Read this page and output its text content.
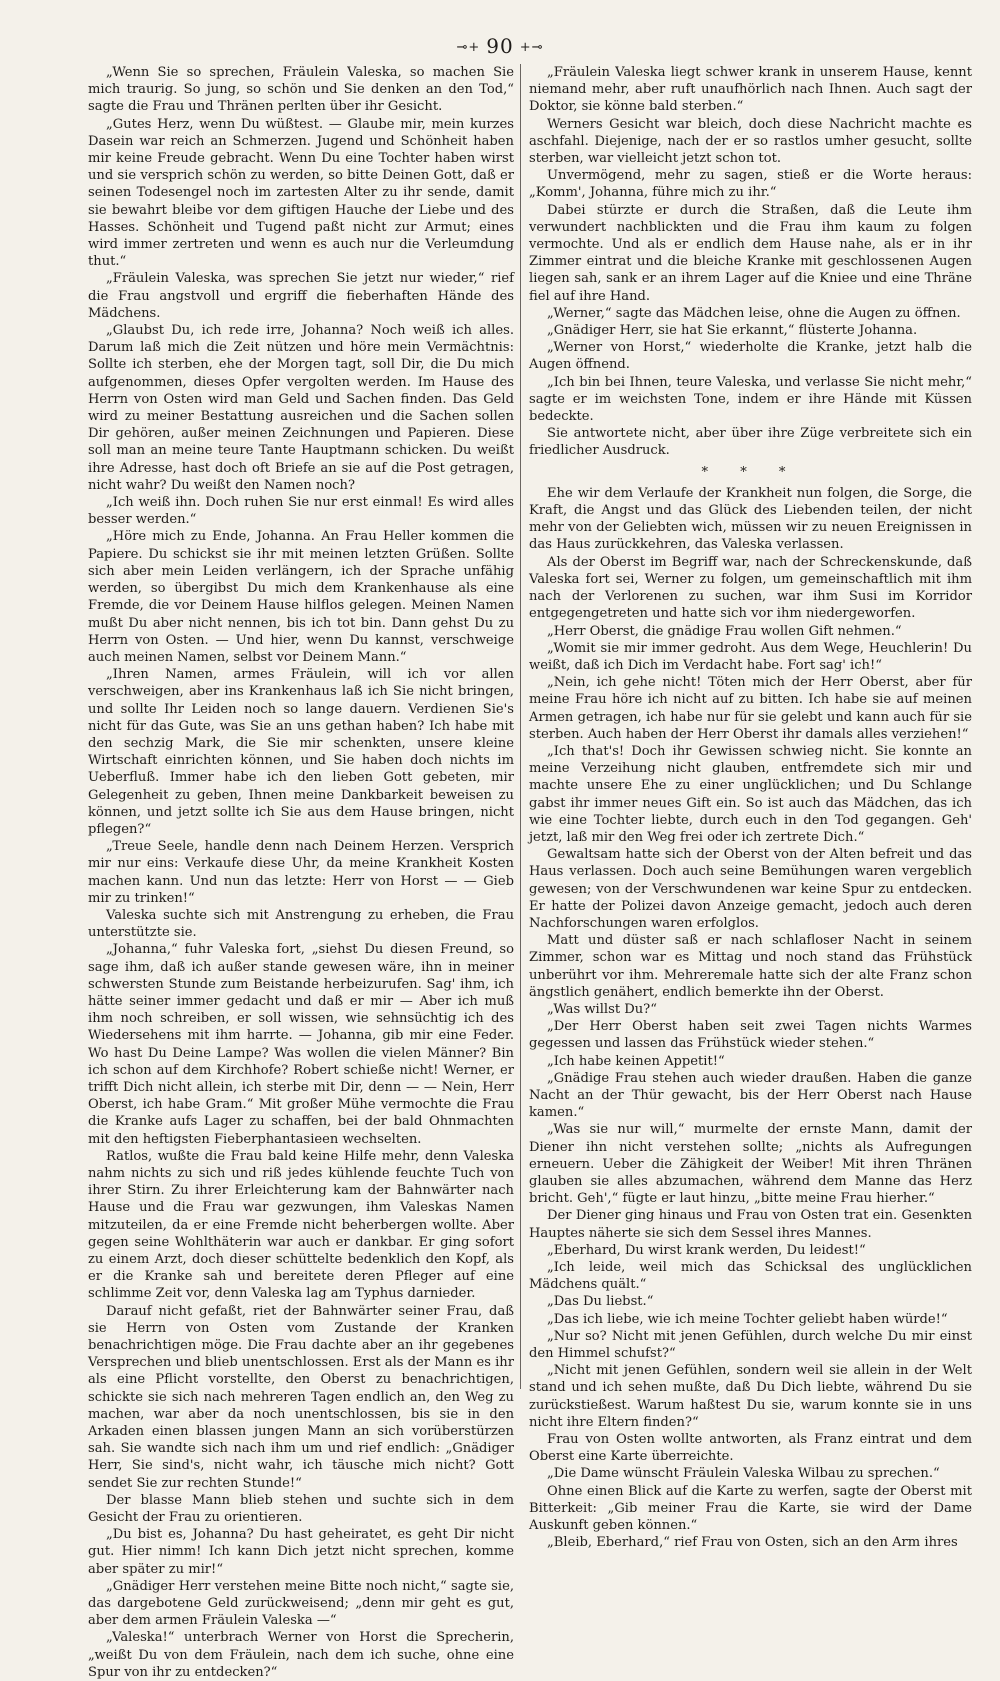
⊸+ 90 +⊸

„Wenn Sie so sprechen, Fräulein Valeska, so machen Sie mich traurig. So jung, so schön und Sie denken an den Tod,“ sagte die Frau und Thränen perlten über ihr Gesicht.

„Gutes Herz, wenn Du wüßtest. — Glaube mir, mein kurzes Dasein war reich an Schmerzen. Jugend und Schönheit haben mir keine Freude gebracht. Wenn Du eine Tochter haben wirst und sie versprich schön zu werden, so bitte Deinen Gott, daß er seinen Todesengel noch im zartesten Alter zu ihr sende, damit sie bewahrt bleibe vor dem giftigen Hauche der Liebe und des Hasses. Schönheit und Tugend paßt nicht zur Armut; eines wird immer zertreten und wenn es auch nur die Verleumdung thut.“

„Fräulein Valeska, was sprechen Sie jetzt nur wieder,“ rief die Frau angstvoll und ergriff die fieberhaften Hände des Mädchens.

„Glaubst Du, ich rede irre, Johanna? Noch weiß ich alles. Darum laß mich die Zeit nützen und höre mein Vermächtnis: Sollte ich sterben, ehe der Morgen tagt, soll Dir, die Du mich aufgenommen, dieses Opfer vergolten werden. Im Hause des Herrn von Osten wird man Geld und Sachen finden. Das Geld wird zu meiner Bestattung ausreichen und die Sachen sollen Dir gehören, außer meinen Zeichnungen und Papieren. Diese soll man an meine teure Tante Hauptmann schicken. Du weißt ihre Adresse, hast doch oft Briefe an sie auf die Post getragen, nicht wahr? Du weißt den Namen noch?

„Ich weiß ihn. Doch ruhen Sie nur erst einmal! Es wird alles besser werden.“

„Höre mich zu Ende, Johanna. An Frau Heller kommen die Papiere. Du schickst sie ihr mit meinen letzten Grüßen. Sollte sich aber mein Leiden verlängern, ich der Sprache unfähig werden, so übergibst Du mich dem Krankenhause als eine Fremde, die vor Deinem Hause hilflos gelegen. Meinen Namen mußt Du aber nicht nennen, bis ich tot bin. Dann gehst Du zu Herrn von Osten. — Und hier, wenn Du kannst, verschweige auch meinen Namen, selbst vor Deinem Mann.“

„Ihren Namen, armes Fräulein, will ich vor allen verschweigen, aber ins Krankenhaus laß ich Sie nicht bringen, und sollte Ihr Leiden noch so lange dauern. Verdienen Sie's nicht für das Gute, was Sie an uns gethan haben? Ich habe mit den sechzig Mark, die Sie mir schenkten, unsere kleine Wirtschaft einrichten können, und Sie haben doch nichts im Ueberfluß. Immer habe ich den lieben Gott gebeten, mir Gelegenheit zu geben, Ihnen meine Dankbarkeit beweisen zu können, und jetzt sollte ich Sie aus dem Hause bringen, nicht pflegen?“

„Treue Seele, handle denn nach Deinem Herzen. Versprich mir nur eins: Verkaufe diese Uhr, da meine Krankheit Kosten machen kann. Und nun das letzte: Herr von Horst — — Gieb mir zu trinken!“

Valeska suchte sich mit Anstrengung zu erheben, die Frau unterstützte sie.

„Johanna,“ fuhr Valeska fort, „siehst Du diesen Freund, so sage ihm, daß ich außer stande gewesen wäre, ihn in meiner schwersten Stunde zum Beistande herbeizurufen. Sag' ihm, ich hätte seiner immer gedacht und daß er mir — Aber ich muß ihm noch schreiben, er soll wissen, wie sehnsüchtig ich des Wiedersehens mit ihm harrte. — Johanna, gib mir eine Feder. Wo hast Du Deine Lampe? Was wollen die vielen Männer? Bin ich schon auf dem Kirchhofe? Robert schieße nicht! Werner, er trifft Dich nicht allein, ich sterbe mit Dir, denn — — Nein, Herr Oberst, ich habe Gram.“ Mit großer Mühe vermochte die Frau die Kranke aufs Lager zu schaffen, bei der bald Ohnmachten mit den heftigsten Fieberphantasieen wechselten.

Ratlos, wußte die Frau bald keine Hilfe mehr, denn Valeska nahm nichts zu sich und riß jedes kühlende feuchte Tuch von ihrer Stirn. Zu ihrer Erleichterung kam der Bahnwärter nach Hause und die Frau war gezwungen, ihm Valeskas Namen mitzuteilen, da er eine Fremde nicht beherbergen wollte. Aber gegen seine Wohlthäterin war auch er dankbar. Er ging sofort zu einem Arzt, doch dieser schüttelte bedenklich den Kopf, als er die Kranke sah und bereitete deren Pfleger auf eine schlimme Zeit vor, denn Valeska lag am Typhus darnieder.

Darauf nicht gefaßt, riet der Bahnwärter seiner Frau, daß sie Herrn von Osten vom Zustande der Kranken benachrichtigen möge. Die Frau dachte aber an ihr gegebenes Versprechen und blieb unentschlossen. Erst als der Mann es ihr als eine Pflicht vorstellte, den Oberst zu benachrichtigen, schickte sie sich nach mehreren Tagen endlich an, den Weg zu machen, war aber da noch unentschlossen, bis sie in den Arkaden einen blassen jungen Mann an sich vorüberstürzen sah. Sie wandte sich nach ihm um und rief endlich: „Gnädiger Herr, Sie sind's, nicht wahr, ich täusche mich nicht? Gott sendet Sie zur rechten Stunde!“

Der blasse Mann blieb stehen und suchte sich in dem Gesicht der Frau zu orientieren.

„Du bist es, Johanna? Du hast geheiratet, es geht Dir nicht gut. Hier nimm! Ich kann Dich jetzt nicht sprechen, komme aber später zu mir!“

„Gnädiger Herr verstehen meine Bitte noch nicht,“ sagte sie, das dargebotene Geld zurückweisend; „denn mir geht es gut, aber dem armen Fräulein Valeska —“

„Valeska!“ unterbrach Werner von Horst die Sprecherin, „weißt Du von dem Fräulein, nach dem ich suche, ohne eine Spur von ihr zu entdecken?“

„Fräulein Valeska liegt schwer krank in unserem Hause, kennt niemand mehr, aber ruft unaufhörlich nach Ihnen. Auch sagt der Doktor, sie könne bald sterben.“

Werners Gesicht war bleich, doch diese Nachricht machte es aschfahl. Diejenige, nach der er so rastlos umher gesucht, sollte sterben, war vielleicht jetzt schon tot.

Unvermögend, mehr zu sagen, stieß er die Worte heraus: „Komm', Johanna, führe mich zu ihr.“

Dabei stürzte er durch die Straßen, daß die Leute ihm verwundert nachblickten und die Frau ihm kaum zu folgen vermochte. Und als er endlich dem Hause nahe, als er in ihr Zimmer eintrat und die bleiche Kranke mit geschlossenen Augen liegen sah, sank er an ihrem Lager auf die Kniee und eine Thräne fiel auf ihre Hand.

„Werner,“ sagte das Mädchen leise, ohne die Augen zu öffnen.

„Gnädiger Herr, sie hat Sie erkannt,“ flüsterte Johanna.

„Werner von Horst,“ wiederholte die Kranke, jetzt halb die Augen öffnend.

„Ich bin bei Ihnen, teure Valeska, und verlasse Sie nicht mehr,“ sagte er im weichsten Tone, indem er ihre Hände mit Küssen bedeckte.

Sie antwortete nicht, aber über ihre Züge verbreitete sich ein friedlicher Ausdruck.

* * *

Ehe wir dem Verlaufe der Krankheit nun folgen, die Sorge, die Kraft, die Angst und das Glück des Liebenden teilen, der nicht mehr von der Geliebten wich, müssen wir zu neuen Ereignissen in das Haus zurückkehren, das Valeska verlassen.

Als der Oberst im Begriff war, nach der Schreckenskunde, daß Valeska fort sei, Werner zu folgen, um gemeinschaftlich mit ihm nach der Verlorenen zu suchen, war ihm Susi im Korridor entgegengetreten und hatte sich vor ihm niedergeworfen.

„Herr Oberst, die gnädige Frau wollen Gift nehmen.“

„Womit sie mir immer gedroht. Aus dem Wege, Heuchlerin! Du weißt, daß ich Dich im Verdacht habe. Fort sag' ich!“

„Nein, ich gehe nicht! Töten mich der Herr Oberst, aber für meine Frau höre ich nicht auf zu bitten. Ich habe sie auf meinen Armen getragen, ich habe nur für sie gelebt und kann auch für sie sterben. Auch haben der Herr Oberst ihr damals alles verziehen!“

„Ich that's! Doch ihr Gewissen schwieg nicht. Sie konnte an meine Verzeihung nicht glauben, entfremdete sich mir und machte unsere Ehe zu einer unglücklichen; und Du Schlange gabst ihr immer neues Gift ein. So ist auch das Mädchen, das ich wie eine Tochter liebte, durch euch in den Tod gegangen. Geh' jetzt, laß mir den Weg frei oder ich zertrete Dich.“

Gewaltsam hatte sich der Oberst von der Alten befreit und das Haus verlassen. Doch auch seine Bemühungen waren vergeblich gewesen; von der Verschwundenen war keine Spur zu entdecken. Er hatte der Polizei davon Anzeige gemacht, jedoch auch deren Nachforschungen waren erfolglos.

Matt und düster saß er nach schlafloser Nacht in seinem Zimmer, schon war es Mittag und noch stand das Frühstück unberührt vor ihm. Mehreremale hatte sich der alte Franz schon ängstlich genähert, endlich bemerkte ihn der Oberst.

„Was willst Du?“

„Der Herr Oberst haben seit zwei Tagen nichts Warmes gegessen und lassen das Frühstück wieder stehen.“

„Ich habe keinen Appetit!“

„Gnädige Frau stehen auch wieder draußen. Haben die ganze Nacht an der Thür gewacht, bis der Herr Oberst nach Hause kamen.“

„Was sie nur will,“ murmelte der ernste Mann, damit der Diener ihn nicht verstehen sollte; „nichts als Aufregungen erneuern. Ueber die Zähigkeit der Weiber! Mit ihren Thränen glauben sie alles abzumachen, während dem Manne das Herz bricht. Geh',“ fügte er laut hinzu, „bitte meine Frau hierher.“

Der Diener ging hinaus und Frau von Osten trat ein. Gesenkten Hauptes näherte sie sich dem Sessel ihres Mannes.

„Eberhard, Du wirst krank werden, Du leidest!“

„Ich leide, weil mich das Schicksal des unglücklichen Mädchens quält.“

„Das Du liebst.“

„Das ich liebe, wie ich meine Tochter geliebt haben würde!“

„Nur so? Nicht mit jenen Gefühlen, durch welche Du mir einst den Himmel schufst?“

„Nicht mit jenen Gefühlen, sondern weil sie allein in der Welt stand und ich sehen mußte, daß Du Dich liebte, während Du sie zurückstießest. Warum haßtest Du sie, warum konnte sie in uns nicht ihre Eltern finden?“

Frau von Osten wollte antworten, als Franz eintrat und dem Oberst eine Karte überreichte.

„Die Dame wünscht Fräulein Valeska Wilbau zu sprechen.“

Ohne einen Blick auf die Karte zu werfen, sagte der Oberst mit Bitterkeit: „Gib meiner Frau die Karte, sie wird der Dame Auskunft geben können.“

„Bleib, Eberhard,“ rief Frau von Osten, sich an den Arm ihres
